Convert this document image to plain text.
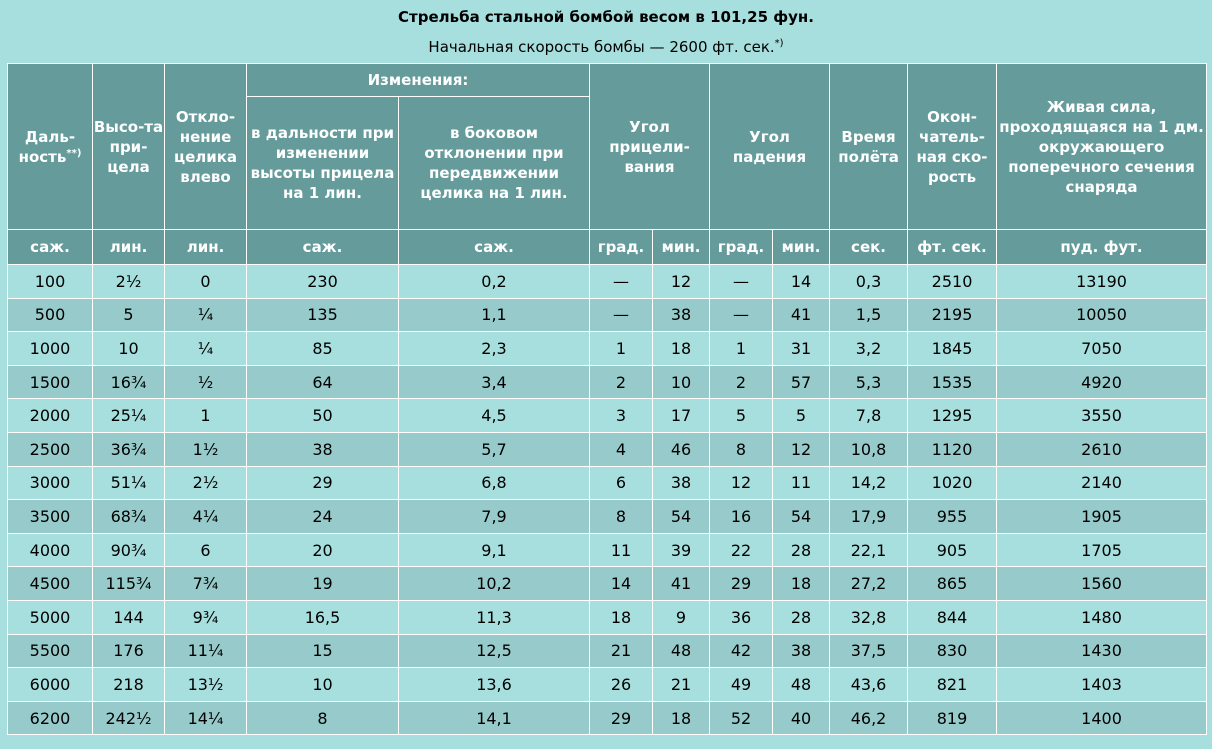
Стрельба стальной бомбой весом в 101,25 фун.
Начальная скорость бомбы — 2600 фт. сек.*)
Даль-ность**)	Высо-та при-цела	Откло-нение целика влево	Изменения:		Угол прицели-вания		Угол падения		Время полёта	Окон-чатель-ная ско-рость	Живая сила, проходящаяся на 1 дм. окружающего поперечного сечения снаряда
			в дальности при изменении высоты прицела на 1 лин.	в боковом отклонении при передвижении целика на 1 лин.							
саж.	лин.	лин.	саж.	саж.	град.	мин.	град.	мин.	сек.	фт. сек.	пуд. фут.
100	2½	0	230	0,2	—	12	—	14	0,3	2510	13190
500	5	¼	135	1,1	—	38	—	41	1,5	2195	10050
1000	10	¼	85	2,3	1	18	1	31	3,2	1845	7050
1500	16¾	½	64	3,4	2	10	2	57	5,3	1535	4920
2000	25¼	1	50	4,5	3	17	5	5	7,8	1295	3550
2500	36¾	1½	38	5,7	4	46	8	12	10,8	1120	2610
3000	51¼	2½	29	6,8	6	38	12	11	14,2	1020	2140
3500	68¾	4¼	24	7,9	8	54	16	54	17,9	955	1905
4000	90¾	6	20	9,1	11	39	22	28	22,1	905	1705
4500	115¾	7¾	19	10,2	14	41	29	18	27,2	865	1560
5000	144	9¾	16,5	11,3	18	9	36	28	32,8	844	1480
5500	176	11¼	15	12,5	21	48	42	38	37,5	830	1430
6000	218	13½	10	13,6	26	21	49	48	43,6	821	1403
6200	242½	14¼	8	14,1	29	18	52	40	46,2	819	1400
